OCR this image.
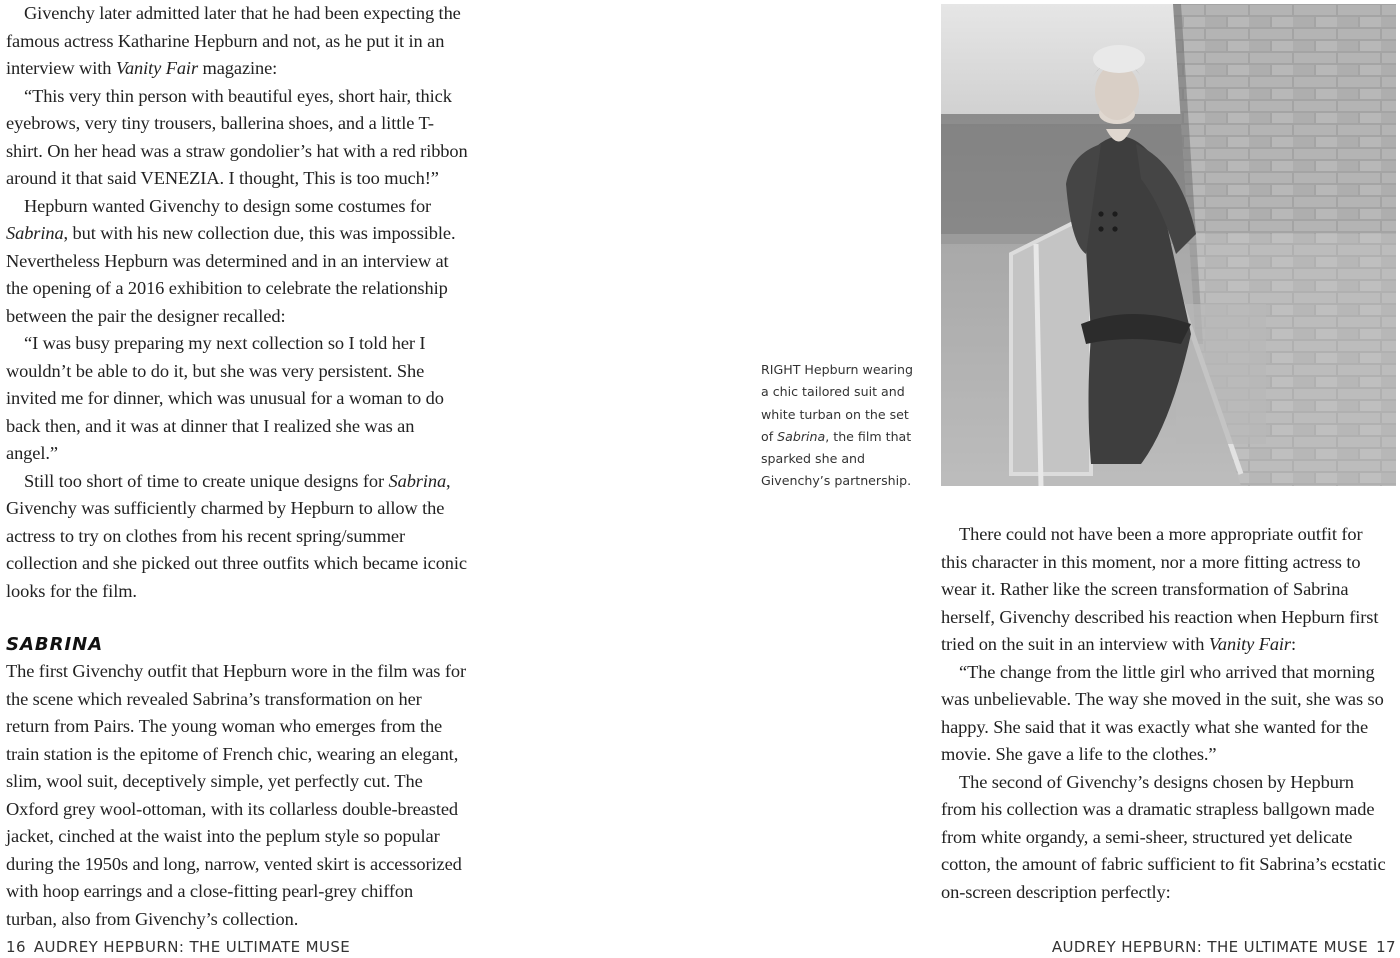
Givenchy later admitted later that he had been expecting the famous actress Katharine Hepburn and not, as he put it in an interview with Vanity Fair magazine:

“This very thin person with beautiful eyes, short hair, thick eyebrows, very tiny trousers, ballerina shoes, and a little T-shirt. On her head was a straw gondolier’s hat with a red ribbon around it that said VENEZIA. I thought, This is too much!”

Hepburn wanted Givenchy to design some costumes for Sabrina, but with his new collection due, this was impossible. Nevertheless Hepburn was determined and in an interview at the opening of a 2016 exhibition to celebrate the relationship between the pair the designer recalled:

“I was busy preparing my next collection so I told her I wouldn’t be able to do it, but she was very persistent. She invited me for dinner, which was unusual for a woman to do back then, and it was at dinner that I realized she was an angel.”

Still too short of time to create unique designs for Sabrina, Givenchy was sufficiently charmed by Hepburn to allow the actress to try on clothes from his recent spring/summer collection and she picked out three outfits which became iconic looks for the film.

SABRINA

The first Givenchy outfit that Hepburn wore in the film was for the scene which revealed Sabrina’s transformation on her return from Pairs. The young woman who emerges from the train station is the epitome of French chic, wearing an elegant, slim, wool suit, deceptively simple, yet perfectly cut. The Oxford grey wool-ottoman, with its collarless double-breasted jacket, cinched at the waist into the peplum style so popular during the 1950s and long, narrow, vented skirt is accessorized with hoop earrings and a close-fitting pearl-grey chiffon turban, also from Givenchy’s collection.

RIGHT Hepburn wearing a chic tailored suit and white turban on the set of Sabrina, the film that sparked she and Givenchy’s partnership.

There could not have been a more appropriate outfit for this character in this moment, nor a more fitting actress to wear it. Rather like the screen transformation of Sabrina herself, Givenchy described his reaction when Hepburn first tried on the suit in an interview with Vanity Fair:

“The change from the little girl who arrived that morning was unbelievable. The way she moved in the suit, she was so happy. She said that it was exactly what she wanted for the movie. She gave a life to the clothes.”

The second of Givenchy’s designs chosen by Hepburn from his collection was a dramatic strapless ballgown made from white organdy, a semi-sheer, structured yet delicate cotton, the amount of fabric sufficient to fit Sabrina’s ecstatic on-screen description perfectly:

16 AUDREY HEPBURN: THE ULTIMATE MUSE	AUDREY HEPBURN: THE ULTIMATE MUSE 17
